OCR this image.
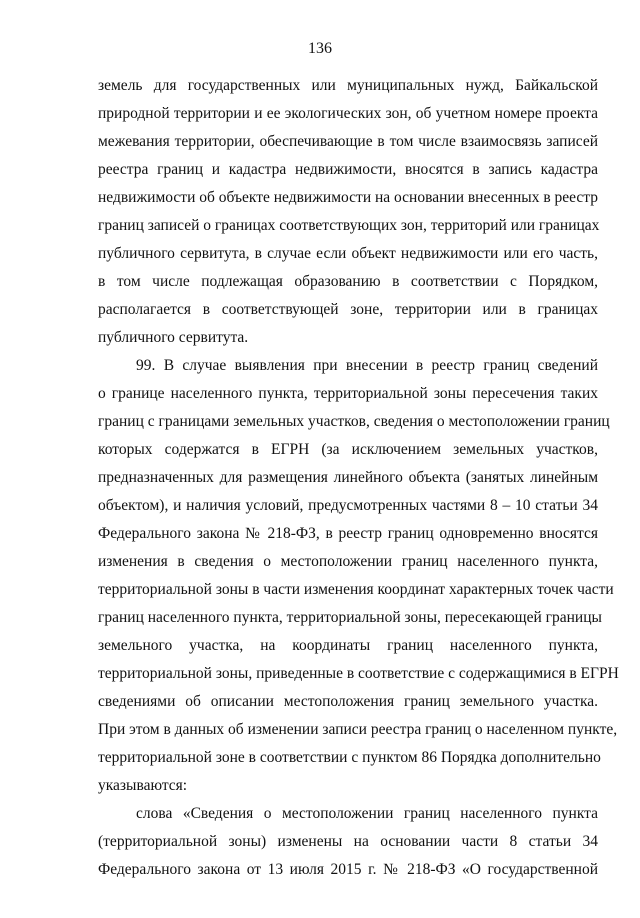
136
земель для государственных или муниципальных нужд, Байкальской
природной территории и ее экологических зон, об учетном номере проекта
межевания территории, обеспечивающие в том числе взаимосвязь записей
реестра границ и кадастра недвижимости, вносятся в запись кадастра
недвижимости об объекте недвижимости на основании внесенных в реестр
границ записей о границах соответствующих зон, территорий или границах
публичного сервитута, в случае если объект недвижимости или его часть,
в том числе подлежащая образованию в соответствии с Порядком,
располагается в соответствующей зоне, территории или в границах
публичного сервитута.
99. В случае выявления при внесении в реестр границ сведений
о границе населенного пункта, территориальной зоны пересечения таких
границ с границами земельных участков, сведения о местоположении границ
которых содержатся в ЕГРН (за исключением земельных участков,
предназначенных для размещения линейного объекта (занятых линейным
объектом), и наличия условий, предусмотренных частями 8 – 10 статьи 34
Федерального закона № 218-ФЗ, в реестр границ одновременно вносятся
изменения в сведения о местоположении границ населенного пункта,
территориальной зоны в части изменения координат характерных точек части
границ населенного пункта, территориальной зоны, пересекающей границы
земельного участка, на координаты границ населенного пункта,
территориальной зоны, приведенные в соответствие с содержащимися в ЕГРН
сведениями об описании местоположения границ земельного участка.
При этом в данных об изменении записи реестра границ о населенном пункте,
территориальной зоне в соответствии с пунктом 86 Порядка дополнительно
указываются:
слова «Сведения о местоположении границ населенного пункта
(территориальной зоны) изменены на основании части 8 статьи 34
Федерального закона от 13 июля 2015 г. № 218-ФЗ «О государственной
